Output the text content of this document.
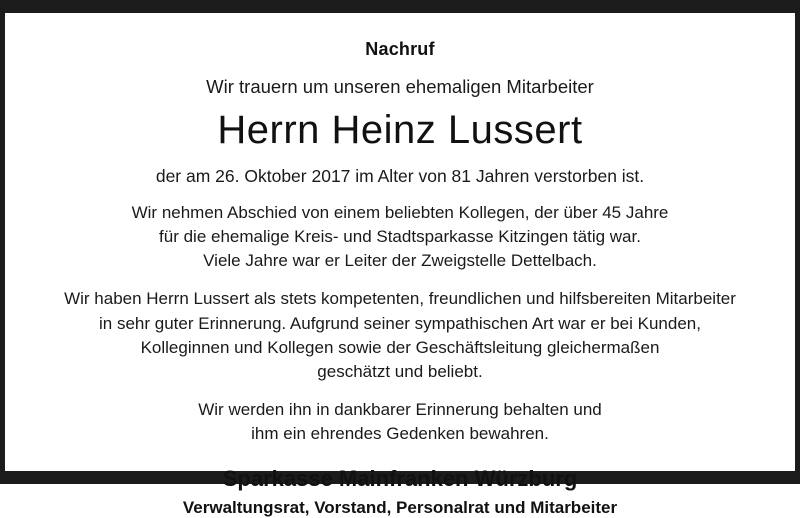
Nachruf
Wir trauern um unseren ehemaligen Mitarbeiter
Herrn Heinz Lussert
der am 26. Oktober 2017 im Alter von 81 Jahren verstorben ist.
Wir nehmen Abschied von einem beliebten Kollegen, der über 45 Jahre
für die ehemalige Kreis- und Stadtsparkasse Kitzingen tätig war.
Viele Jahre war er Leiter der Zweigstelle Dettelbach.
Wir haben Herrn Lussert als stets kompetenten, freundlichen und hilfsbereiten Mitarbeiter
in sehr guter Erinnerung. Aufgrund seiner sympathischen Art war er bei Kunden,
Kolleginnen und Kollegen sowie der Geschäftsleitung gleichermaßen
geschätzt und beliebt.
Wir werden ihn in dankbarer Erinnerung behalten und
ihm ein ehrendes Gedenken bewahren.
Sparkasse Mainfranken Würzburg
Verwaltungsrat, Vorstand, Personalrat und Mitarbeiter
